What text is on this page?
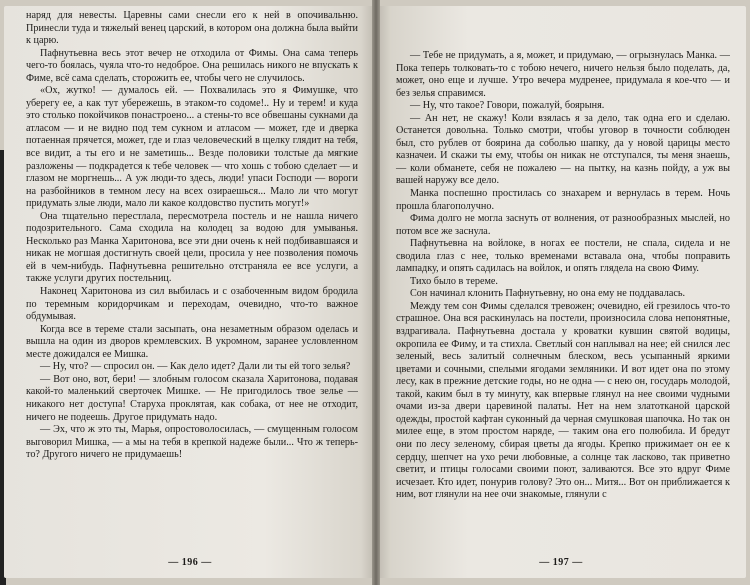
наряд для невесты. Царевны сами снесли его к ней в опочивальню. Принесли туда и тяжелый венец царский, в котором она должна была выйти к царю.

Пафнутьевна весь этот вечер не отходила от Фимы. Она сама теперь чего-то боялась, чуяла что-то недоброе. Она решилась никого не впускать к Фиме, всё сама сделать, сторожить ее, чтобы чего не случилось.

«Ох, жутко! — думалось ей. — Похвалилась это я Фимушке, что уберегу ее, а как тут убережешь, в этаком-то содоме!.. Ну и терем! и куда это столько покойчиков понастроено... а стены-то все обвешаны сукнами да атласом — и не видно под тем сукном и атласом — может, где и дверка потаенная прячется, может, где и глаз человеческий в щелку глядит на тебя, все видит, а ты его и не заметишь... Везде половики толстые да мягкие разложены — подкрадется к тебе человек — что хошь с тобою сделает — и глазом не моргнешь... А уж люди-то здесь, люди! упаси Господи — вороги на разбойников в темном лесу на всех озираешься... Мало ли что могут придумать злые люди, мало ли какое колдовство пустить могут!»

Она тщательно перестлала, пересмотрела постель и не нашла ничего подозрительного. Сама сходила на колодец за водою для умыванья. Несколько раз Манка Харитонова, все эти дни очень к ней подбивавшаяся и никак не могшая достигнуть своей цели, просила у нее позволения помочь ей в чем-нибудь. Пафнутьевна решительно отстраняла ее все услуги, а также услуги других постельниц.

Наконец Харитонова из сил выбилась и с озабоченным видом бродила по теремным коридорчикам и переходам, очевидно, что-то важное обдумывая.

Когда все в тереме стали засыпать, она незаметным образом оделась и вышла на один из дворов кремлевских. В укромном, заранее условленном месте дожидался ее Мишка.

— Ну, что? — спросил он. — Как дело идет? Дали ли ты ей того зелья?

— Вот оно, вот, бери! — злобным голосом сказала Харитонова, подавая какой-то маленький сверточек Мишке. — Не пригодилось твое зелье — никакого нет доступа! Старуха проклятая, как собака, от нее не отходит, ничего не подеешь. Другое придумать надо.

— Эх, что ж это ты, Марья, опростоволосилась, — смущенным голосом выговорил Мишка, — а мы на тебя в крепкой надеже были... Что ж теперь-то? Другого ничего не придумаешь!

— 196 —

— Тебе не придумать, а я, может, и придумаю, — огрызнулась Манка. — Пока теперь толковать-то с тобою нечего, ничего нельзя было поделать, да, может, оно еще и лучше. Утро вечера мудренее, придумала я кое-что — и без зелья справимся.

— Ну, что такое? Говори, пожалуй, боярыня.

— Ан нет, не скажу! Коли взялась я за дело, так одна его и сделаю. Останется довольна. Только смотри, чтобы уговор в точности соблюден был, сто рублев от боярина да соболью шапку, да у новой царицы место казначеи. И скажи ты ему, чтобы он никак не отступался, ты меня знаешь, — коли обманете, себя не пожалею — на пытку, на казнь пойду, а уж вы вашей наружу все дело.

Манка поспешно простилась со знахарем и вернулась в терем. Ночь прошла благополучно.

Фима долго не могла заснуть от волнения, от разнообразных мыслей, но потом все же заснула.

Пафнутьевна на войлоке, в ногах ее постели, не спала, сидела и не сводила глаз с нее, только временами вставала она, чтобы поправить лампадку, и опять садилась на войлок, и опять глядела на свою Фиму.

Тихо было в тереме.

Сон начинал клонить Пафнутьевну, но она ему не поддавалась.

Между тем сон Фимы сделался тревожен; очевидно, ей грезилось что-то страшное. Она вся раскинулась на постели, произносила слова непонятные, вздрагивала. Пафнутьевна достала у кроватки кувшин святой водицы, окропила ее Фиму, и та стихла. Светлый сон наплывал на нее; ей снился лес зеленый, весь залитый солнечным блеском, весь усыпанный яркими цветами и сочными, спелыми ягодами земляники. И вот идет она по этому лесу, как в прежние детские годы, но не одна — с нею он, государь молодой, такой, каким был в ту минуту, как впервые глянул на нее своими чудными очами из-за двери царевиной палаты. Нет на нем златотканой царской одежды, простой кафтан суконный да черная смушковая шапочка. Но так он милее еще, в этом простом наряде, — таким она его полюбила. И бредут они по лесу зеленому, сбирая цветы да ягоды. Крепко прижимает он ее к сердцу, шепчет на ухо речи любовные, а солнце так ласково, так приветно светит, и птицы голосами своими поют, заливаются. Все это вдруг Фиме исчезает. Кто идет, понурив голову? Это он... Митя... Вот он приближается к ним, вот глянули на нее очи знакомые, глянули с

— 197 —
